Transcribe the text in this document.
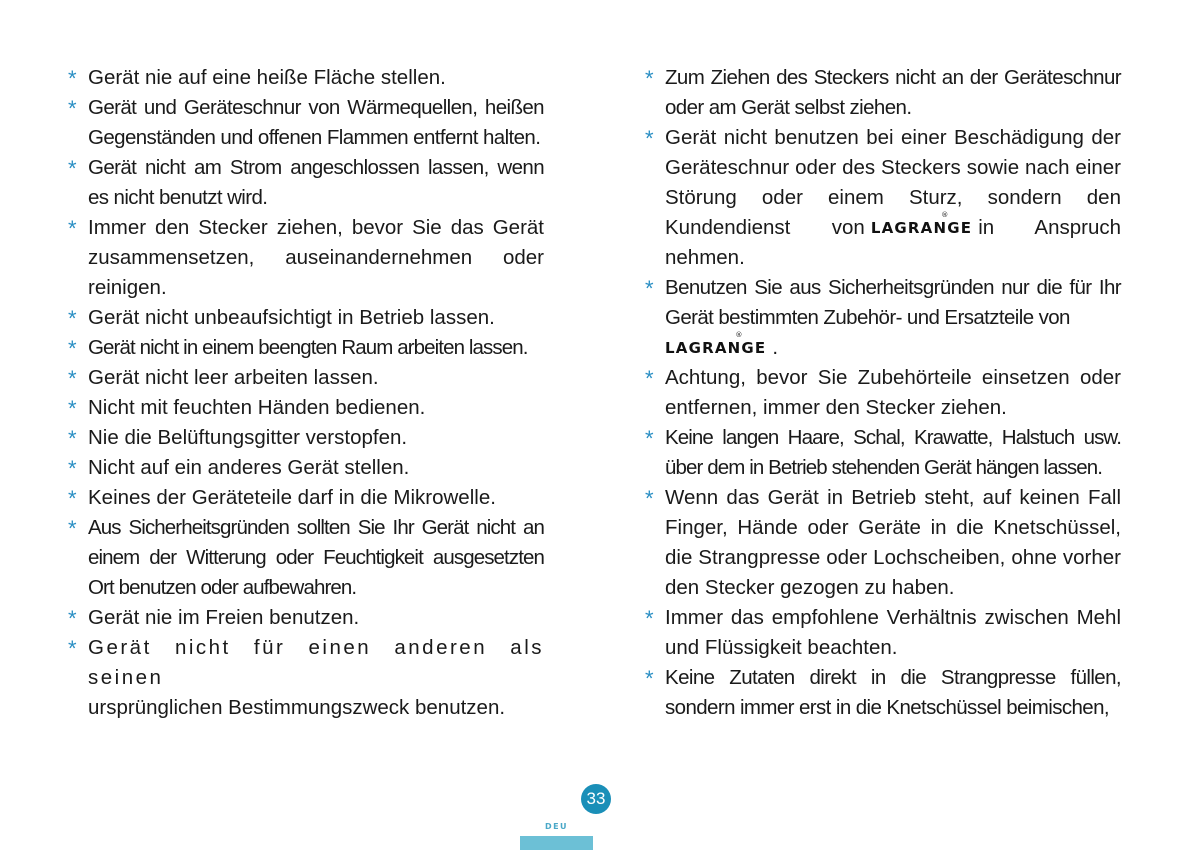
* Gerät nie auf eine heiße Fläche stellen.
* Gerät und Geräteschnur von Wärmequellen, heißen Gegenständen und offenen Flammen entfernt halten.
* Gerät nicht am Strom angeschlossen lassen, wenn es nicht benutzt wird.
* Immer den Stecker ziehen, bevor Sie das Gerät zusammensetzen, auseinandernehmen oder reinigen.
* Gerät nicht unbeaufsichtigt in Betrieb lassen.
* Gerät nicht in einem beengten Raum arbeiten lassen.
* Gerät nicht leer arbeiten lassen.
* Nicht mit feuchten Händen bedienen.
* Nie die Belüftungsgitter verstopfen.
* Nicht auf ein anderes Gerät stellen.
* Keines der Geräteteile darf in die Mikrowelle.
* Aus Sicherheitsgründen sollten Sie Ihr Gerät nicht an einem der Witterung oder Feuchtigkeit ausgesetzten Ort benutzen oder aufbewahren.
* Gerät nie im Freien benutzen.
* Gerät nicht für einen anderen als seinen
ursprünglichen Bestimmungszweck benutzen.
* Zum Ziehen des Steckers nicht an der Geräteschnur oder am Gerät selbst ziehen.
* Gerät nicht benutzen bei einer Beschädigung der Geräteschnur oder des Steckers sowie nach einer Störung oder einem Sturz, sondern den Kundendienst von LAGRANGE
®
in Anspruch nehmen.
* Benutzen Sie aus Sicherheitsgründen nur die für Ihr Gerät bestimmten Zubehör- und Ersatzteile von
LAGRANGE
®
.
* Achtung, bevor Sie Zubehörteile einsetzen oder entfernen, immer den Stecker ziehen.
* Keine langen Haare, Schal, Krawatte, Halstuch usw. über dem in Betrieb stehenden Gerät hängen lassen.
* Wenn das Gerät in Betrieb steht, auf keinen Fall Finger, Hände oder Geräte in die Knetschüssel, die Strangpresse oder Lochscheiben, ohne vorher den Stecker gezogen zu haben.
* Immer das empfohlene Verhältnis zwischen Mehl und Flüssigkeit beachten.
* Keine Zutaten direkt in die Strangpresse füllen, sondern immer erst in die Knetschüssel beimischen,
33
DEU
